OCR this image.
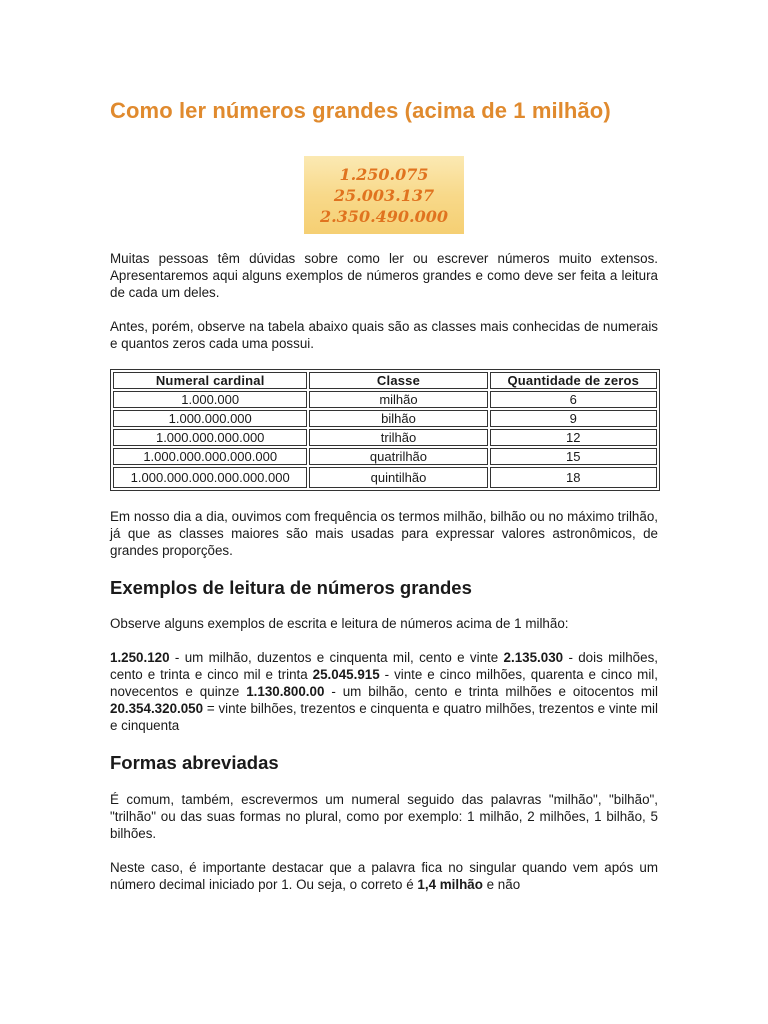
Como ler números grandes (acima de 1 milhão)
1.250.075
25.003.137
2.350.490.000

Muitas pessoas têm dúvidas sobre como ler ou escrever números muito extensos. Apresentaremos aqui alguns exemplos de números grandes e como deve ser feita a leitura de cada um deles.

Antes, porém, observe na tabela abaixo quais são as classes mais conhecidas de numerais e quantos zeros cada uma possui.

Numeral cardinal	Classe	Quantidade de zeros
1.000.000	milhão	6
1.000.000.000	bilhão	9
1.000.000.000.000	trilhão	12
1.000.000.000.000.000	quatrilhão	15
1.000.000.000.000.000.000	quintilhão	18

Em nosso dia a dia, ouvimos com frequência os termos milhão, bilhão ou no máximo trilhão, já que as classes maiores são mais usadas para expressar valores astronômicos, de grandes proporções.

Exemplos de leitura de números grandes

Observe alguns exemplos de escrita e leitura de números acima de 1 milhão:

1.250.120 - um milhão, duzentos e cinquenta mil, cento e vinte 2.135.030 - dois milhões, cento e trinta e cinco mil e trinta 25.045.915 - vinte e cinco milhões, quarenta e cinco mil, novecentos e quinze 1.130.800.00 - um bilhão, cento e trinta milhões e oitocentos mil 20.354.320.050 = vinte bilhões, trezentos e cinquenta e quatro milhões, trezentos e vinte mil e cinquenta

Formas abreviadas

É comum, também, escrevermos um numeral seguido das palavras "milhão", "bilhão", "trilhão" ou das suas formas no plural, como por exemplo: 1 milhão, 2 milhões, 1 bilhão, 5 bilhões.

Neste caso, é importante destacar que a palavra fica no singular quando vem após um número decimal iniciado por 1. Ou seja, o correto é 1,4 milhão e não
